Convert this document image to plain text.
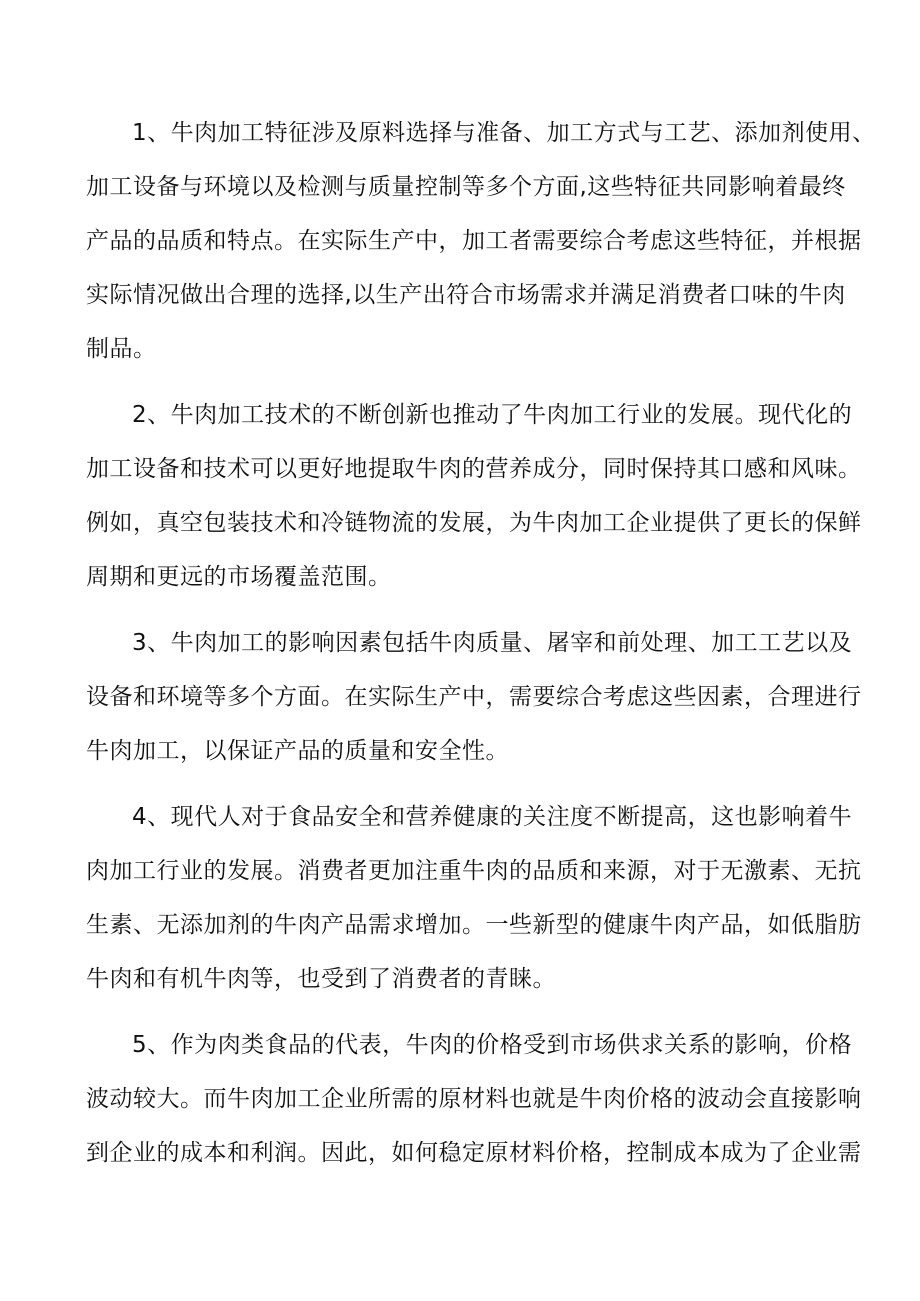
1、牛肉加工特征涉及原料选择与准备、加工方式与工艺、添加剂使用、
加工设备与环境以及检测与质量控制等多个方面,这些特征共同影响着最终
产品的品质和特点。在实际生产中，加工者需要综合考虑这些特征，并根据
实际情况做出合理的选择,以生产出符合市场需求并满足消费者口味的牛肉
制品。
2、牛肉加工技术的不断创新也推动了牛肉加工行业的发展。现代化的
加工设备和技术可以更好地提取牛肉的营养成分，同时保持其口感和风味。
例如，真空包装技术和冷链物流的发展，为牛肉加工企业提供了更长的保鲜
周期和更远的市场覆盖范围。
3、牛肉加工的影响因素包括牛肉质量、屠宰和前处理、加工工艺以及
设备和环境等多个方面。在实际生产中，需要综合考虑这些因素，合理进行
牛肉加工，以保证产品的质量和安全性。
4、现代人对于食品安全和营养健康的关注度不断提高，这也影响着牛
肉加工行业的发展。消费者更加注重牛肉的品质和来源，对于无激素、无抗
生素、无添加剂的牛肉产品需求增加。一些新型的健康牛肉产品，如低脂肪
牛肉和有机牛肉等，也受到了消费者的青睐。
5、作为肉类食品的代表，牛肉的价格受到市场供求关系的影响，价格
波动较大。而牛肉加工企业所需的原材料也就是牛肉价格的波动会直接影响
到企业的成本和利润。因此，如何稳定原材料价格，控制成本成为了企业需
